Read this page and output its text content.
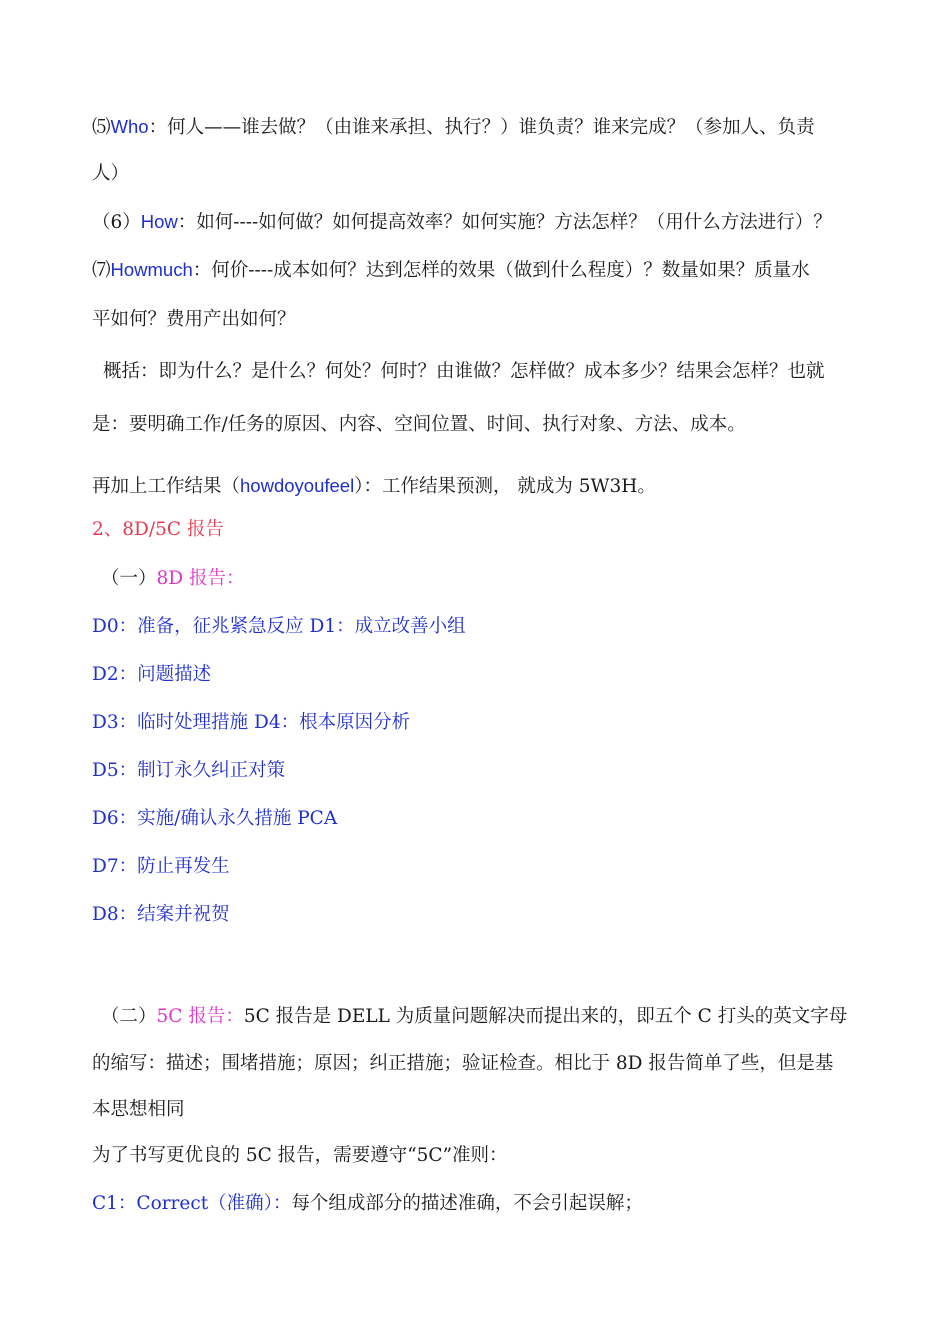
⑸Who：何人——谁去做？（由谁来承担、执行？）谁负责？谁来完成？（参加人、负责
人）
（6）How：如何----如何做？如何提高效率？如何实施？方法怎样？（用什么方法进行）？
⑺Howmuch：何价----成本如何？达到怎样的效果（做到什么程度）？数量如果？质量水
平如何？费用产出如何？
概括：即为什么？是什么？何处？何时？由谁做？怎样做？成本多少？结果会怎样？也就
是：要明确工作/任务的原因、内容、空间位置、时间、执行对象、方法、成本。
再加上工作结果（howdoyoufeel）：工作结果预测， 就成为 5W3H。
2、8D/5C 报告
（一）8D 报告：
D0：准备，征兆紧急反应 D1：成立改善小组
D2：问题描述
D3：临时处理措施 D4：根本原因分析
D5：制订永久纠正对策
D6：实施/确认永久措施 PCA
D7：防止再发生
D8：结案并祝贺
（二）5C 报告：5C 报告是 DELL 为质量问题解决而提出来的，即五个 C 打头的英文字母
的缩写：描述；围堵措施；原因；纠正措施；验证检查。相比于 8D 报告简单了些，但是基
本思想相同
为了书写更优良的 5C 报告，需要遵守“5C”准则：
C1：Correct（准确）：每个组成部分的描述准确，不会引起误解；
